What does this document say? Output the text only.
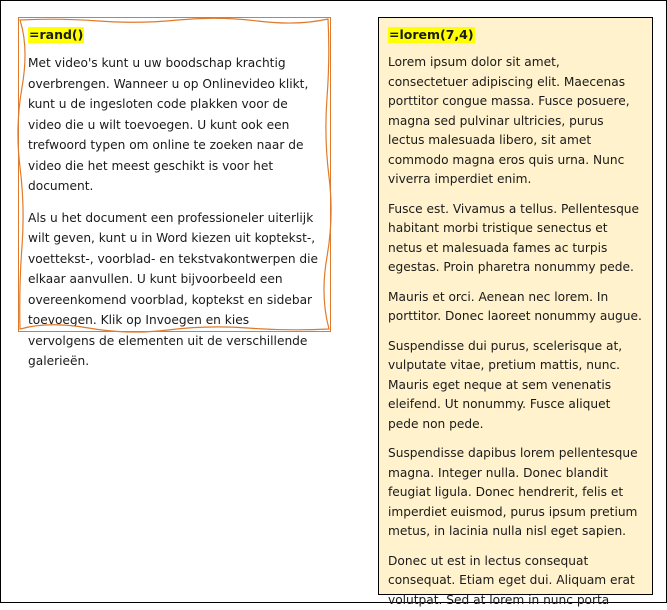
=rand()

Met video's kunt u uw boodschap krachtig overbrengen. Wanneer u op Onlinevideo klikt, kunt u de ingesloten code plakken voor de video die u wilt toevoegen. U kunt ook een trefwoord typen om online te zoeken naar de video die het meest geschikt is voor het document.

Als u het document een professioneler uiterlijk wilt geven, kunt u in Word kiezen uit koptekst-, voettekst-, voorblad- en tekstvakontwerpen die elkaar aanvullen. U kunt bijvoorbeeld een overeenkomend voorblad, koptekst en sidebar toevoegen. Klik op Invoegen en kies vervolgens de elementen uit de verschillende galerieën.

=lorem(7,4)

Lorem ipsum dolor sit amet, consectetuer adipiscing elit. Maecenas porttitor congue massa. Fusce posuere, magna sed pulvinar ultricies, purus lectus malesuada libero, sit amet commodo magna eros quis urna. Nunc viverra imperdiet enim.

Fusce est. Vivamus a tellus. Pellentesque habitant morbi tristique senectus et netus et malesuada fames ac turpis egestas. Proin pharetra nonummy pede.

Mauris et orci. Aenean nec lorem. In porttitor. Donec laoreet nonummy augue.

Suspendisse dui purus, scelerisque at, vulputate vitae, pretium mattis, nunc. Mauris eget neque at sem venenatis eleifend. Ut nonummy. Fusce aliquet pede non pede.

Suspendisse dapibus lorem pellentesque magna. Integer nulla. Donec blandit feugiat ligula. Donec hendrerit, felis et imperdiet euismod, purus ipsum pretium metus, in lacinia nulla nisl eget sapien.

Donec ut est in lectus consequat consequat. Etiam eget dui. Aliquam erat volutpat. Sed at lorem in nunc porta
